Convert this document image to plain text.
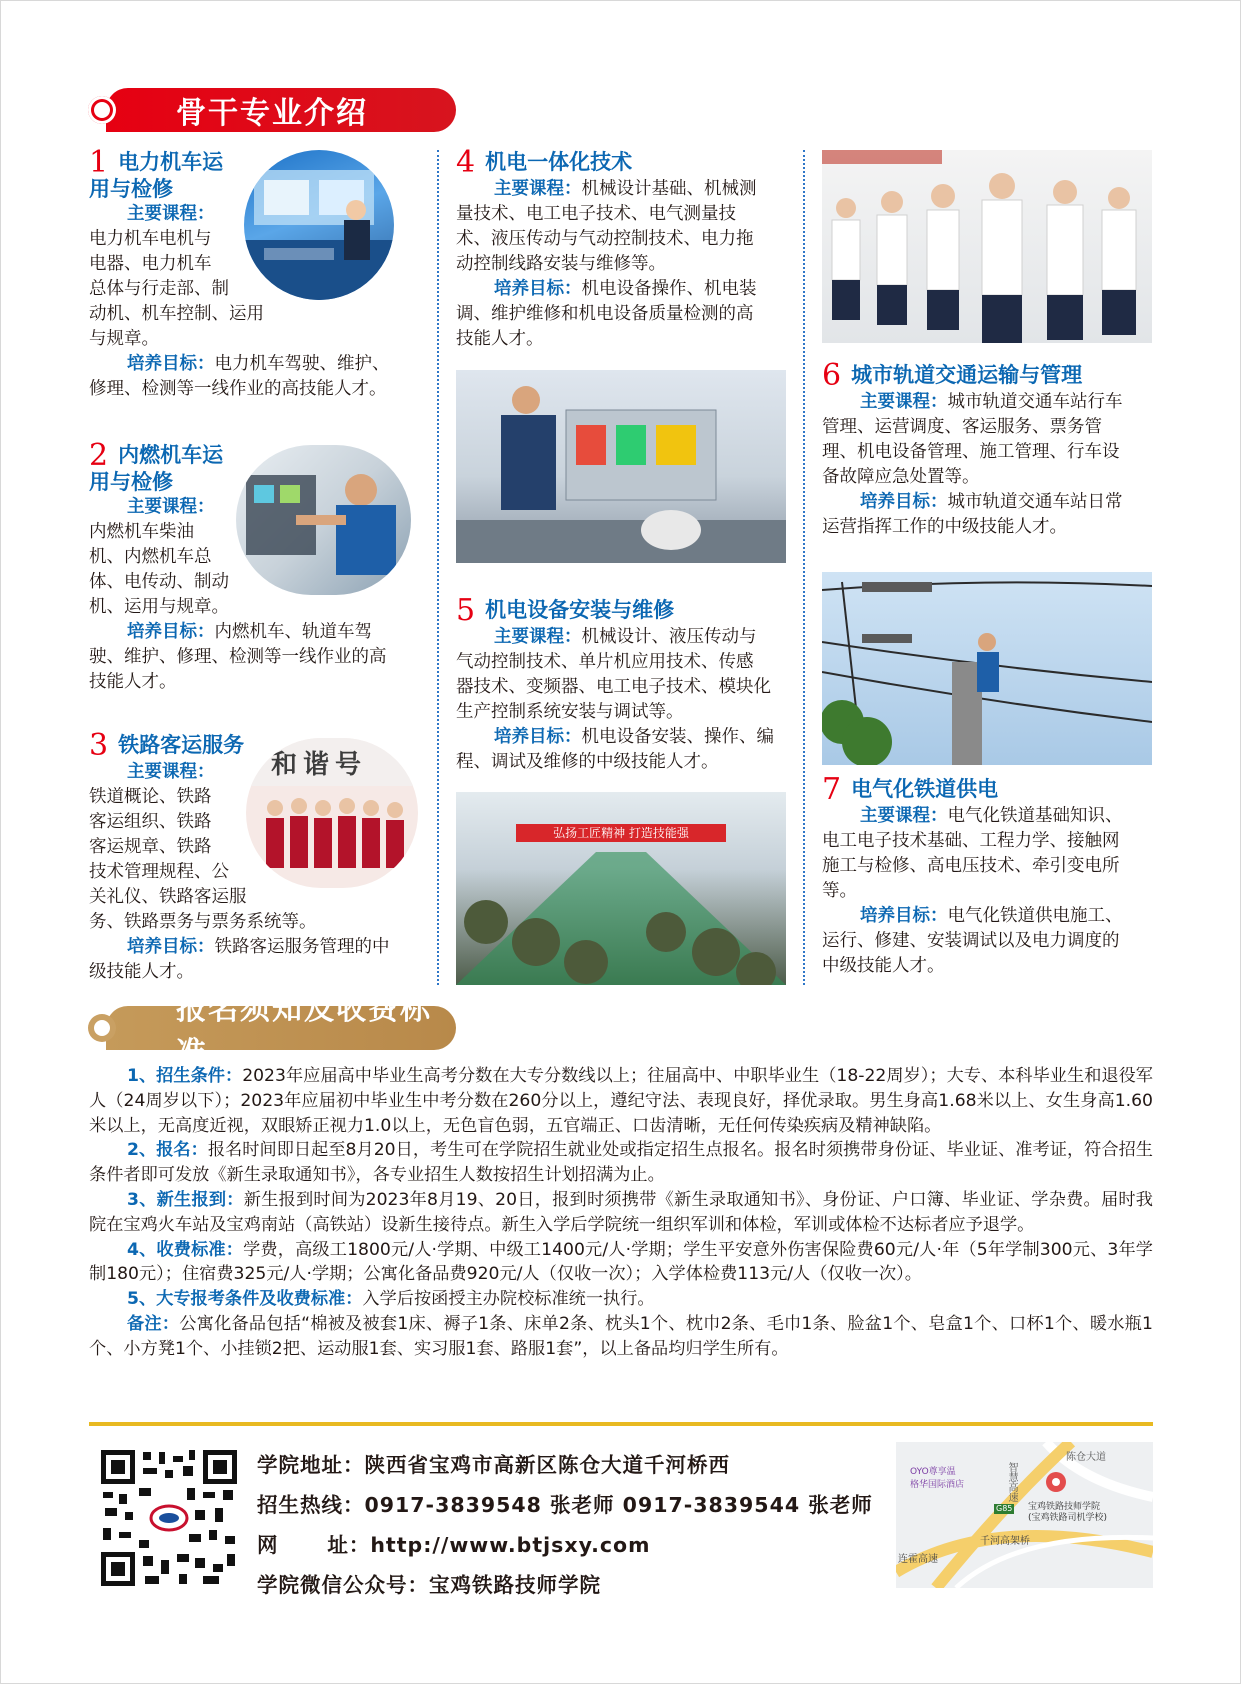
骨干专业介绍

1 电力机车运

用与检修

主要课程：

电力机车电机与

电器、电力机车

总体与行走部、制

动机、机车控制、运用

与规章。

培养目标：电力机车驾驶、维护、

修理、检测等一线作业的高技能人才。

2 内燃机车运

用与检修

主要课程：

内燃机车柴油

机、内燃机车总

体、电传动、制动

机、运用与规章。

培养目标：内燃机车、轨道车驾

驶、维护、修理、检测等一线作业的高

技能人才。

3 铁路客运服务

主要课程：

铁道概论、铁路

客运组织、铁路

客运规章、铁路

技术管理规程、公

关礼仪、铁路客运服

务、铁路票务与票务系统等。

培养目标：铁路客运服务管理的中

级技能人才。

和谐号

4 机电一体化技术

主要课程：机械设计基础、机械测

量技术、电工电子技术、电气测量技

术、液压传动与气动控制技术、电力拖

动控制线路安装与维修等。

培养目标：机电设备操作、机电装

调、维护维修和机电设备质量检测的高

技能人才。

5 机电设备安装与维修

主要课程：机械设计、液压传动与

气动控制技术、单片机应用技术、传感

器技术、变频器、电工电子技术、模块化

生产控制系统安装与调试等。

培养目标：机电设备安装、操作、编

程、调试及维修的中级技能人才。

弘扬工匠精神 打造技能强

6 城市轨道交通运输与管理

主要课程：城市轨道交通车站行车

管理、运营调度、客运服务、票务管

理、机电设备管理、施工管理、行车设

备故障应急处置等。

培养目标：城市轨道交通车站日常

运营指挥工作的中级技能人才。

7 电气化铁道供电

主要课程：电气化铁道基础知识、

电工电子技术基础、工程力学、接触网

施工与检修、高电压技术、牵引变电所

等。

培养目标：电气化铁道供电施工、

运行、修建、安装调试以及电力调度的

中级技能人才。

报名须知及收费标准

1、招生条件：2023年应届高中毕业生高考分数在大专分数线以上；往届高中、中职毕业生（18-22周岁）；大专、本科毕业生和退役军人（24周岁以下）；2023年应届初中毕业生中考分数在260分以上，遵纪守法、表现良好，择优录取。男生身高1.68米以上、女生身高1.60米以上，无高度近视，双眼矫正视力1.0以上，无色盲色弱，五官端正、口齿清晰，无任何传染疾病及精神缺陷。

2、报名：报名时间即日起至8月20日，考生可在学院招生就业处或指定招生点报名。报名时须携带身份证、毕业证、准考证，符合招生条件者即可发放《新生录取通知书》，各专业招生人数按招生计划招满为止。

3、新生报到：新生报到时间为2023年8月19、20日，报到时须携带《新生录取通知书》、身份证、户口簿、毕业证、学杂费。届时我院在宝鸡火车站及宝鸡南站（高铁站）设新生接待点。新生入学后学院统一组织军训和体检，军训或体检不达标者应予退学。

4、收费标准：学费，高级工1800元/人·学期、中级工1400元/人·学期；学生平安意外伤害保险费60元/人·年（5年学制300元、3年学制180元）；住宿费325元/人·学期；公寓化备品费920元/人（仅收一次）；入学体检费113元/人（仅收一次）。

5、大专报考条件及收费标准：入学后按函授主办院校标准统一执行。

备注：公寓化备品包括“棉被及被套1床、褥子1条、床单2条、枕头1个、枕巾2条、毛巾1条、脸盆1个、皂盒1个、口杯1个、暖水瓶1个、小方凳1个、小挂锁2把、运动服1套、实习服1套、路服1套”，以上备品均归学生所有。

学院地址：陕西省宝鸡市高新区陈仓大道千河桥西
招生热线：0917-3839548 张老师 0917-3839544 张老师
网      址：http://www.btjsxy.com
学院微信公众号：宝鸡铁路技师学院
陈仓大道
智慧高速
OYO尊享温
格华国际酒店
宝鸡铁路技师学院
(宝鸡铁路司机学校)
G85
千河高架桥
连霍高速
